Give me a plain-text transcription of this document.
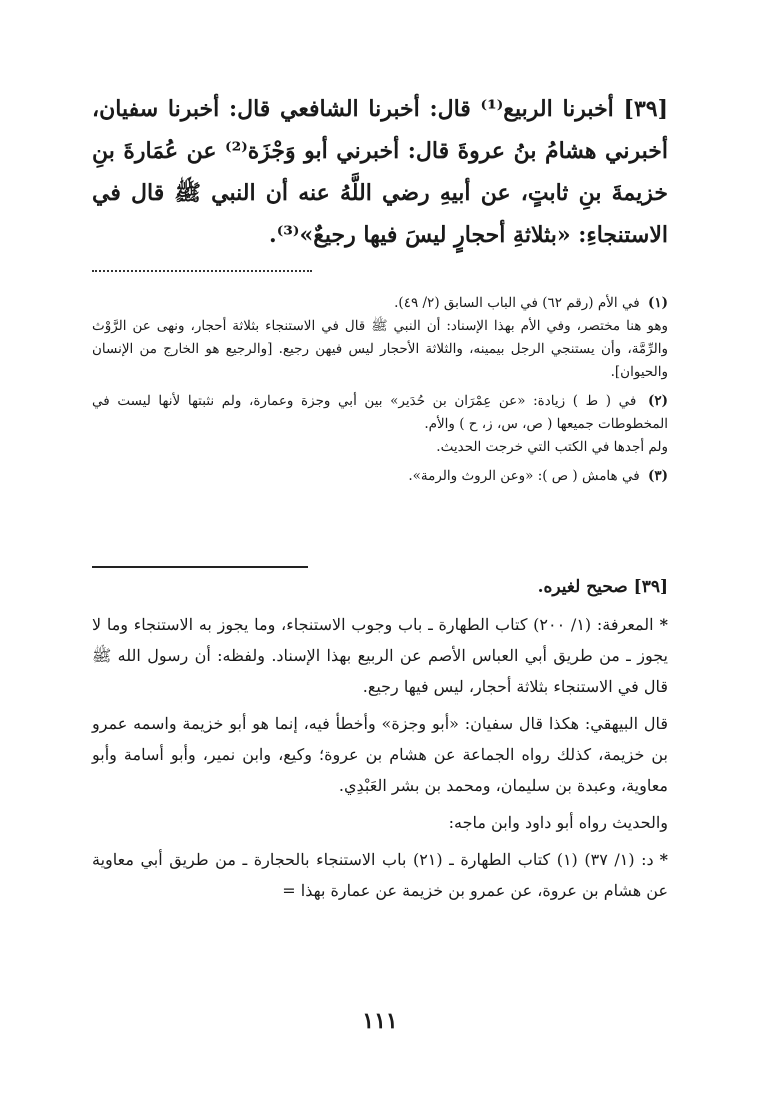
[٣٩] أخبرنا الربيع⁽¹⁾ قال: أخبرنا الشافعي قال: أخبرنا سفيان، أخبرني هشامُ بنُ عروةَ قال: أخبرني أبو وَجْزَة⁽²⁾ عن عُمَارةَ بنِ خزيمةَ بنِ ثابتٍ، عن أبيهِ رضي اللَّهُ عنه أن النبي ﷺ قال في الاستنجاءِ: «بثلاثةِ أحجارٍ ليسَ فيها رجيعٌ»⁽³⁾.

(١) في الأم (رقم ٦٢) في الباب السابق (٢/ ٤٩).
وهو هنا مختصر، وفي الأم بهذا الإسناد: أن النبي ﷺ قال في الاستنجاء بثلاثة أحجار، ونهى عن الرَّوْث والرِّمَّة، وأن يستنجي الرجل بيمينه، والثلاثة الأحجار ليس فيهن رجيع. [والرجيع هو الخارج من الإنسان والحيوان].

(٢) في ( ط ) زيادة: «عن عِمْرَان بن حُدَير» بين أبي وجزة وعمارة، ولم نثبتها لأنها ليست في المخطوطات جميعها ( ص، س، ز، ح ) والأم.
ولم أجدها في الكتب التي خرجت الحديث.

(٣) في هامش ( ص ): «وعن الروث والرمة».

[٣٩] صحيح لغيره.

*المعرفة: (١/ ٢٠٠) كتاب الطهارة ـ باب وجوب الاستنجاء، وما يجوز به الاستنجاء وما لا يجوز ـ من طريق أبي العباس الأصم عن الربيع بهذا الإسناد. ولفظه: أن رسول الله ﷺ قال في الاستنجاء بثلاثة أحجار، ليس فيها رجيع.

قال البيهقي: هكذا قال سفيان: «أبو وجزة» وأخطأ فيه، إنما هو أبو خزيمة واسمه عمرو بن خزيمة، كذلك رواه الجماعة عن هشام بن عروة؛ وكيع، وابن نمير، وأبو أسامة وأبو معاوية، وعبدة بن سليمان، ومحمد بن بشر العَبْدِي.

والحديث رواه أبو داود وابن ماجه:

*د: (١/ ٣٧) (١) كتاب الطهارة ـ (٢١) باب الاستنجاء بالحجارة ـ من طريق أبي معاوية عن هشام بن عروة، عن عمرو بن خزيمة عن عمارة بهذا =

١١١
